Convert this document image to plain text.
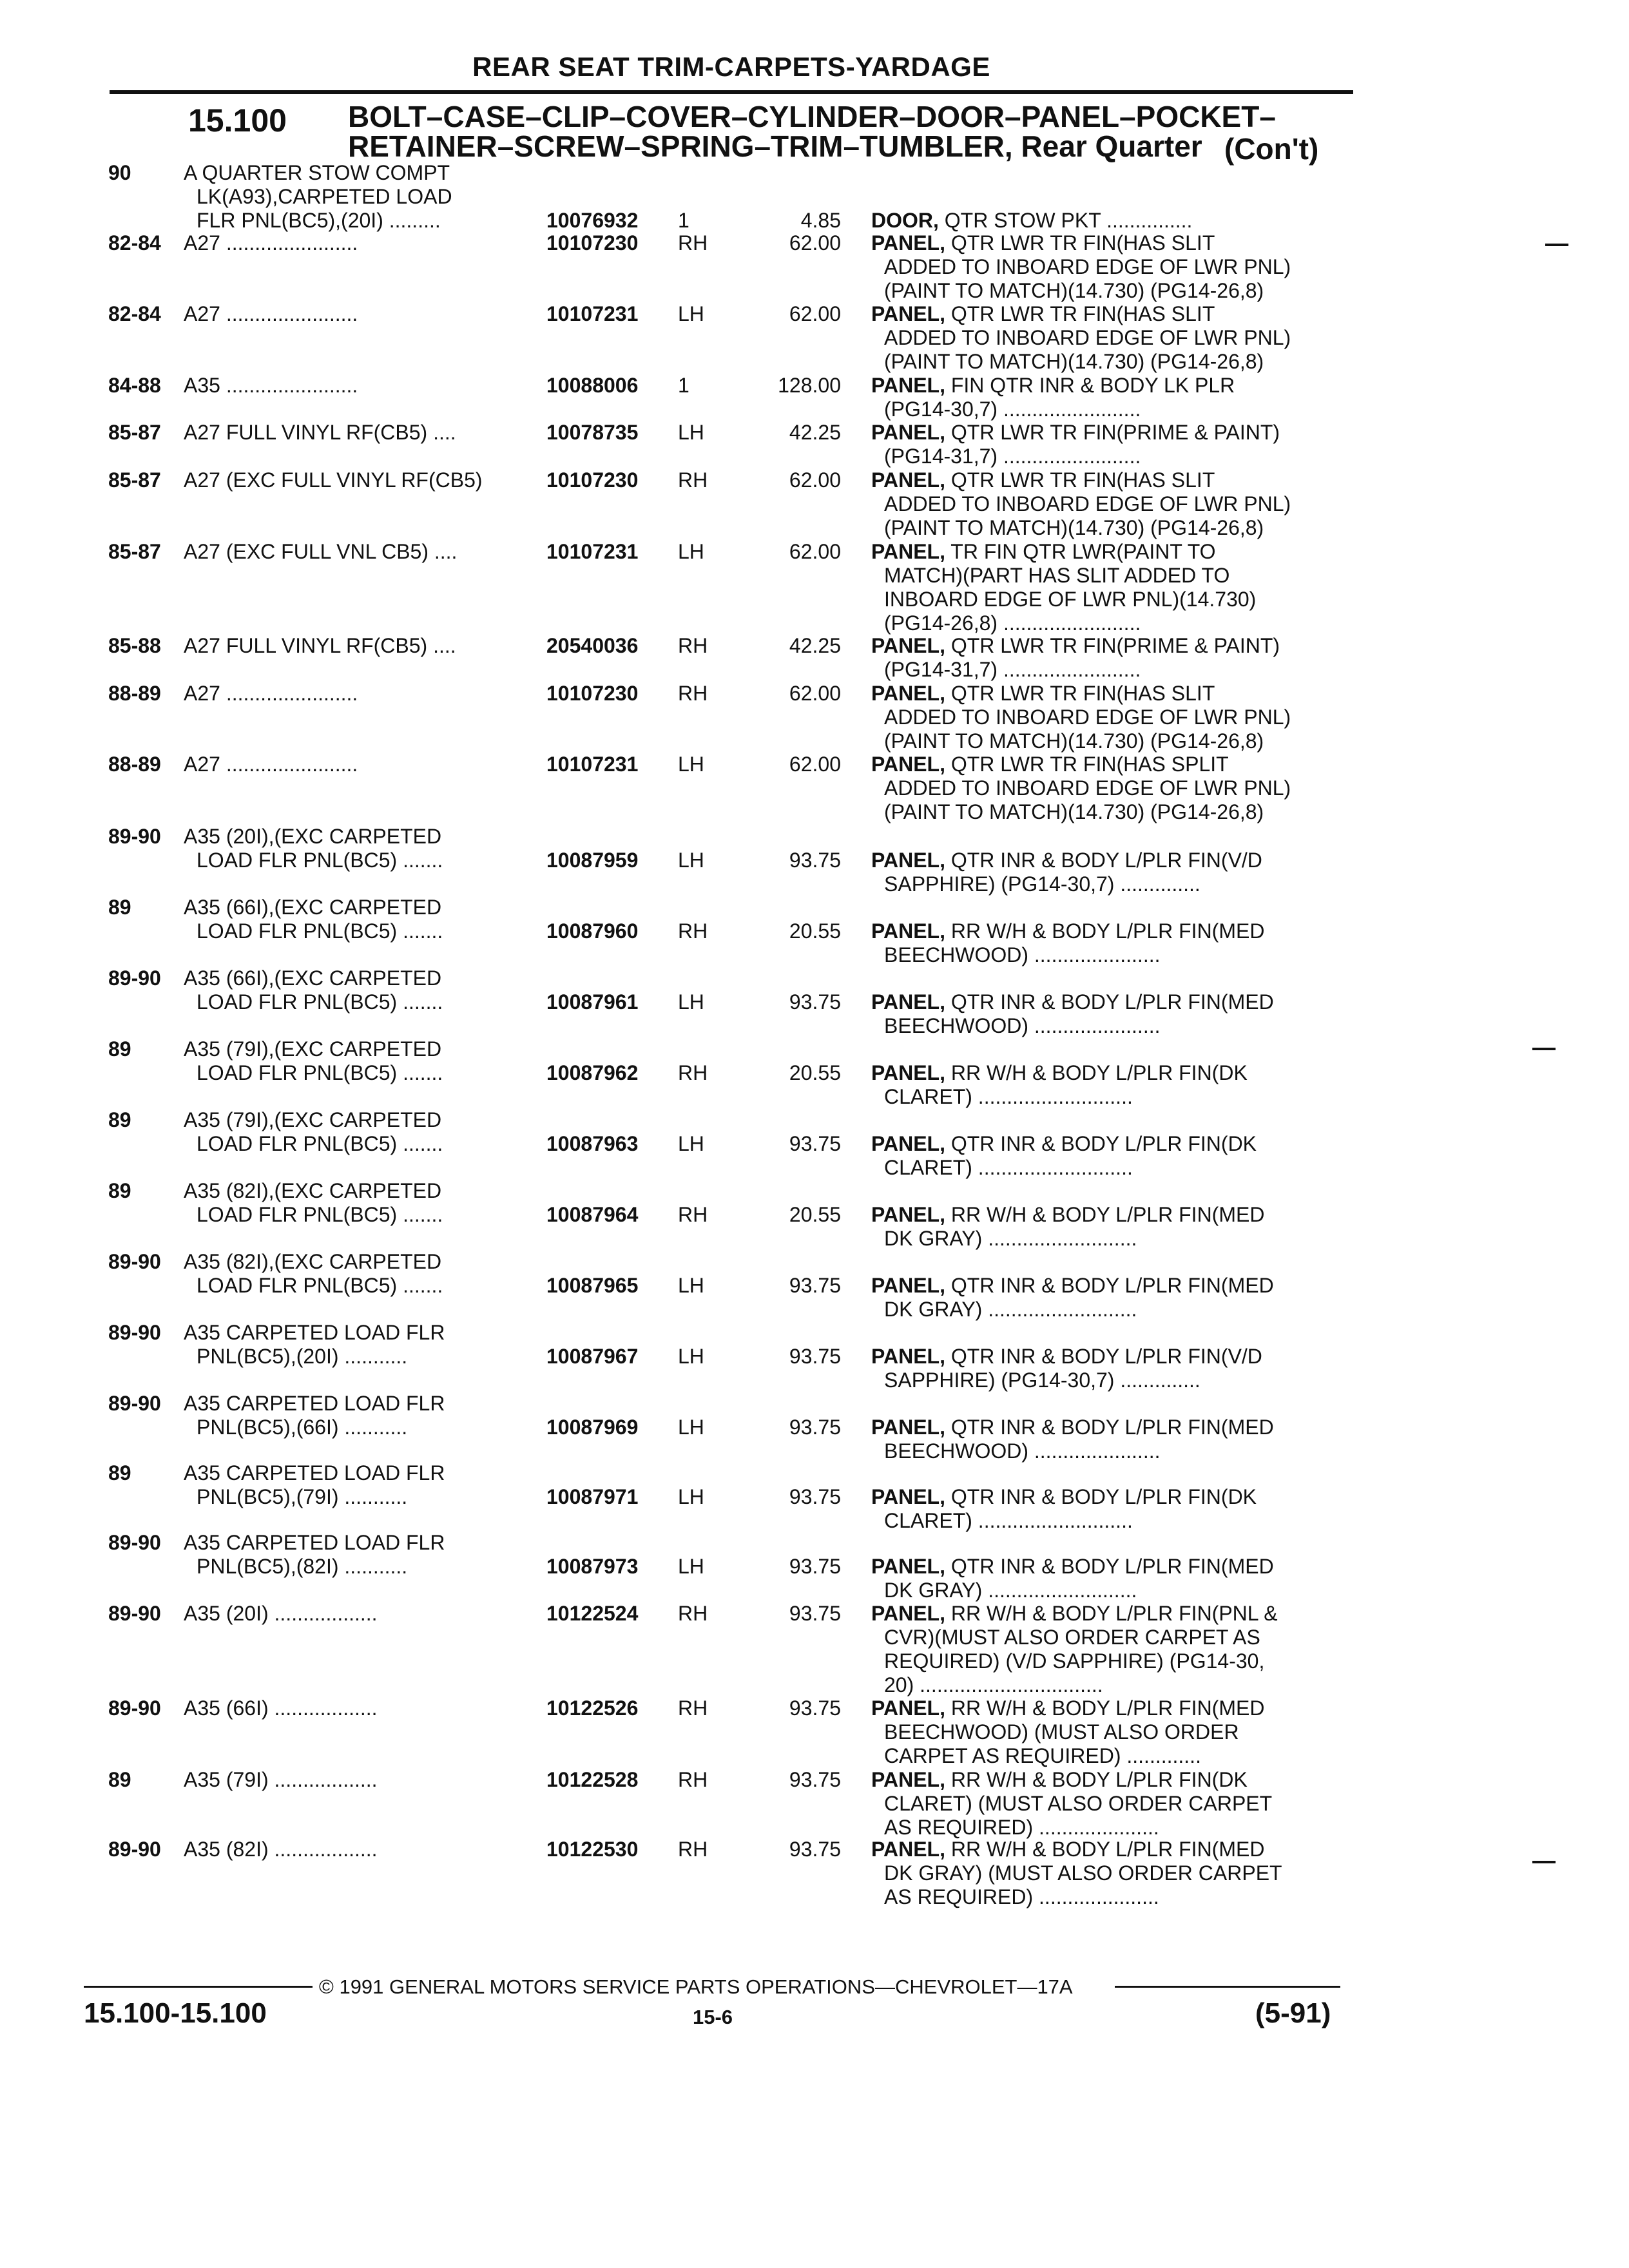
REAR SEAT TRIM-CARPETS-YARDAGE
15.100 BOLT–CASE–CLIP–COVER–CYLINDER–DOOR–PANEL–POCKET–
RETAINER–SCREW–SPRING–TRIM–TUMBLER, Rear Quarter (Con't)
90	A QUARTER STOW COMPT
LK(A93),CARPETED LOAD
FLR PNL(BC5),(20I) .........	10076932 1	4.85 DOOR, QTR STOW PKT ...............
82-84 A27 .......................	10107230 RH	62.00 PANEL, QTR LWR TR FIN(HAS SLIT
ADDED TO INBOARD EDGE OF LWR PNL)
(PAINT TO MATCH)(14.730) (PG14-26,8)
82-84 A27 .......................	10107231 LH	62.00 PANEL, QTR LWR TR FIN(HAS SLIT
ADDED TO INBOARD EDGE OF LWR PNL)
(PAINT TO MATCH)(14.730) (PG14-26,8)
84-88 A35 .......................	10088006 1	128.00 PANEL, FIN QTR INR & BODY LK PLR
(PG14-30,7) ........................
85-87 A27 FULL VINYL RF(CB5) ....	10078735 LH	42.25 PANEL, QTR LWR TR FIN(PRIME & PAINT)
(PG14-31,7) ........................
85-87 A27 (EXC FULL VINYL RF(CB5)	10107230 RH	62.00 PANEL, QTR LWR TR FIN(HAS SLIT
ADDED TO INBOARD EDGE OF LWR PNL)
(PAINT TO MATCH)(14.730) (PG14-26,8)
85-87 A27 (EXC FULL VNL CB5) ....	10107231 LH	62.00 PANEL, TR FIN QTR LWR(PAINT TO
MATCH)(PART HAS SLIT ADDED TO
INBOARD EDGE OF LWR PNL)(14.730)
(PG14-26,8) ........................
85-88 A27 FULL VINYL RF(CB5) ....	20540036 RH	42.25 PANEL, QTR LWR TR FIN(PRIME & PAINT)
(PG14-31,7) ........................
88-89 A27 .......................	10107230 RH	62.00 PANEL, QTR LWR TR FIN(HAS SLIT
ADDED TO INBOARD EDGE OF LWR PNL)
(PAINT TO MATCH)(14.730) (PG14-26,8)
88-89 A27 .......................	10107231 LH	62.00 PANEL, QTR LWR TR FIN(HAS SPLIT
ADDED TO INBOARD EDGE OF LWR PNL)
(PAINT TO MATCH)(14.730) (PG14-26,8)
89-90 A35 (20I),(EXC CARPETED
LOAD FLR PNL(BC5) .......	10087959 LH	93.75 PANEL, QTR INR & BODY L/PLR FIN(V/D
SAPPHIRE) (PG14-30,7) ..............
89	A35 (66I),(EXC CARPETED
LOAD FLR PNL(BC5) .......	10087960 RH	20.55 PANEL, RR W/H & BODY L/PLR FIN(MED
BEECHWOOD) ......................
89-90 A35 (66I),(EXC CARPETED
LOAD FLR PNL(BC5) .......	10087961 LH	93.75 PANEL, QTR INR & BODY L/PLR FIN(MED
BEECHWOOD) ......................
89	A35 (79I),(EXC CARPETED
LOAD FLR PNL(BC5) .......	10087962 RH	20.55 PANEL, RR W/H & BODY L/PLR FIN(DK
CLARET) ...........................
89	A35 (79I),(EXC CARPETED
LOAD FLR PNL(BC5) .......	10087963 LH	93.75 PANEL, QTR INR & BODY L/PLR FIN(DK
CLARET) ...........................
89	A35 (82I),(EXC CARPETED
LOAD FLR PNL(BC5) .......	10087964 RH	20.55 PANEL, RR W/H & BODY L/PLR FIN(MED
DK GRAY) ..........................
89-90 A35 (82I),(EXC CARPETED
LOAD FLR PNL(BC5) .......	10087965 LH	93.75 PANEL, QTR INR & BODY L/PLR FIN(MED
DK GRAY) ..........................
89-90 A35 CARPETED LOAD FLR
PNL(BC5),(20I) ...........	10087967 LH	93.75 PANEL, QTR INR & BODY L/PLR FIN(V/D
SAPPHIRE) (PG14-30,7) ..............
89-90 A35 CARPETED LOAD FLR
PNL(BC5),(66I) ...........	10087969 LH	93.75 PANEL, QTR INR & BODY L/PLR FIN(MED
BEECHWOOD) ......................
89	A35 CARPETED LOAD FLR
PNL(BC5),(79I) ...........	10087971 LH	93.75 PANEL, QTR INR & BODY L/PLR FIN(DK
CLARET) ...........................
89-90 A35 CARPETED LOAD FLR
PNL(BC5),(82I) ...........	10087973 LH	93.75 PANEL, QTR INR & BODY L/PLR FIN(MED
DK GRAY) ..........................
89-90 A35 (20I) ..................	10122524 RH	93.75 PANEL, RR W/H & BODY L/PLR FIN(PNL &
CVR)(MUST ALSO ORDER CARPET AS
REQUIRED) (V/D SAPPHIRE) (PG14-30,
20) ................................
89-90 A35 (66I) ..................	10122526 RH	93.75 PANEL, RR W/H & BODY L/PLR FIN(MED
BEECHWOOD) (MUST ALSO ORDER
CARPET AS REQUIRED) .............
89	A35 (79I) ..................	10122528 RH	93.75 PANEL, RR W/H & BODY L/PLR FIN(DK
CLARET) (MUST ALSO ORDER CARPET
AS REQUIRED) .....................
89-90 A35 (82I) ..................	10122530 RH	93.75 PANEL, RR W/H & BODY L/PLR FIN(MED
DK GRAY) (MUST ALSO ORDER CARPET
AS REQUIRED) .....................
© 1991 GENERAL MOTORS SERVICE PARTS OPERATIONS—CHEVROLET—17A
15.100-15.100	15-6	(5-91)
